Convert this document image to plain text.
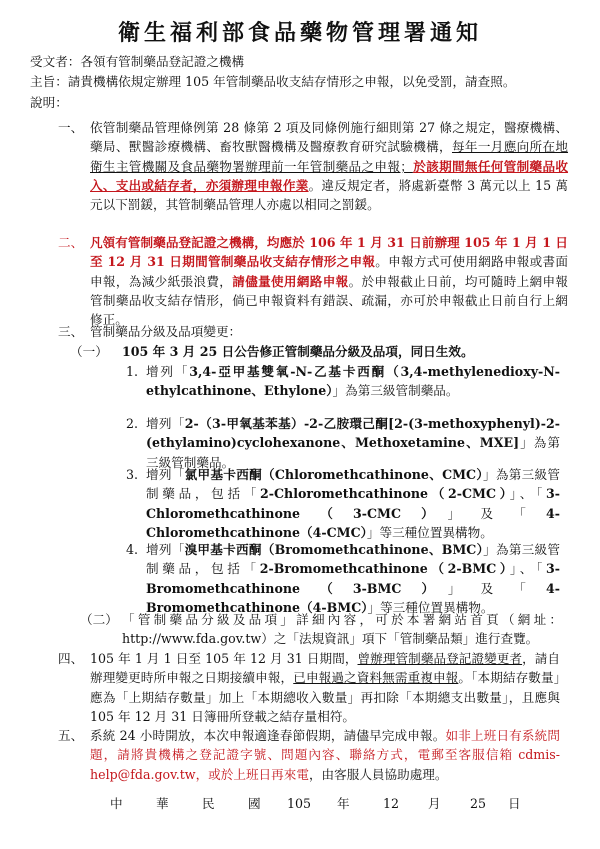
衛生福利部食品藥物管理署通知
受文者：各領有管制藥品登記證之機構
主旨：請貴機構依規定辦理 105 年管制藥品收支結存情形之申報，以免受罰，請查照。
說明：
一、 依管制藥品管理條例第 28 條第 2 項及同條例施行細則第 27 條之規定，醫療機構、藥局、獸醫診療機構、畜牧獸醫機構及醫療教育研究試驗機構，每年一月應向所在地衛生主管機關及食品藥物署辦理前一年管制藥品之申報；於該期間無任何管制藥品收入、支出或結存者，亦須辦理申報作業。違反規定者，將處新臺幣 3 萬元以上 15 萬元以下罰鍰，其管制藥品管理人亦處以相同之罰鍰。
二、 凡領有管制藥品登記證之機構，均應於 106 年 1 月 31 日前辦理 105 年 1 月 1 日至 12 月 31 日期間管制藥品收支結存情形之申報。申報方式可使用網路申報或書面申報，為減少紙張浪費，請儘量使用網路申報。於申報截止日前，均可隨時上網申報管制藥品收支結存情形，倘已申報資料有錯誤、疏漏，亦可於申報截止日前自行上網修正。
三、 管制藥品分級及品項變更：
（一） 105 年 3 月 25 日公告修正管制藥品分級及品項，同日生效。
1. 增列「3,4-亞甲基雙氧-N-乙基卡西酮（3,4-methylenedioxy-N-ethylcathinone、Ethylone）」為第三級管制藥品。
2. 增列「2-（3-甲氧基苯基）-2-乙胺環己酮[2-(3-methoxyphenyl)-2-(ethylamino)cyclohexanone、Methoxetamine、MXE]」為第三級管制藥品。
3. 增列「氯甲基卡西酮（Chloromethcathinone、CMC）」為第三級管制藥品，包括「2-Chloromethcathinone（2-CMC）」、「3-Chloromethcathinone（3-CMC）」及「4-Chloromethcathinone（4-CMC）」等三種位置異構物。
4. 增列「溴甲基卡西酮（Bromomethcathinone、BMC）」為第三級管制藥品，包括「2-Bromomethcathinone（2-BMC）」、「3-Bromomethcathinone（3-BMC）」及「4-Bromomethcathinone（4-BMC）」等三種位置異構物。
（二） 「管制藥品分級及品項」詳細內容，可於本署網站首頁（網址：http://www.fda.gov.tw）之「法規資訊」項下「管制藥品類」進行查覽。
四、 105 年 1 月 1 日至 105 年 12 月 31 日期間，曾辦理管制藥品登記證變更者，請自辦理變更時所申報之日期接續申報，已申報過之資料無需重複申報。「本期結存數量」應為「上期結存數量」加上「本期總收入數量」再扣除「本期總支出數量」，且應與 105 年 12 月 31 日簿冊所登載之結存量相符。
五、 系統 24 小時開放，本次申報適逢春節假期，請儘早完成申報。如非上班日有系統問題，請將貴機構之登記證字號、問題內容、聯絡方式，電郵至客服信箱 cdmis-help@fda.gov.tw，或於上班日再來電，由客服人員協助處理。
中	華	民	國 105 年	12 月 25 日
